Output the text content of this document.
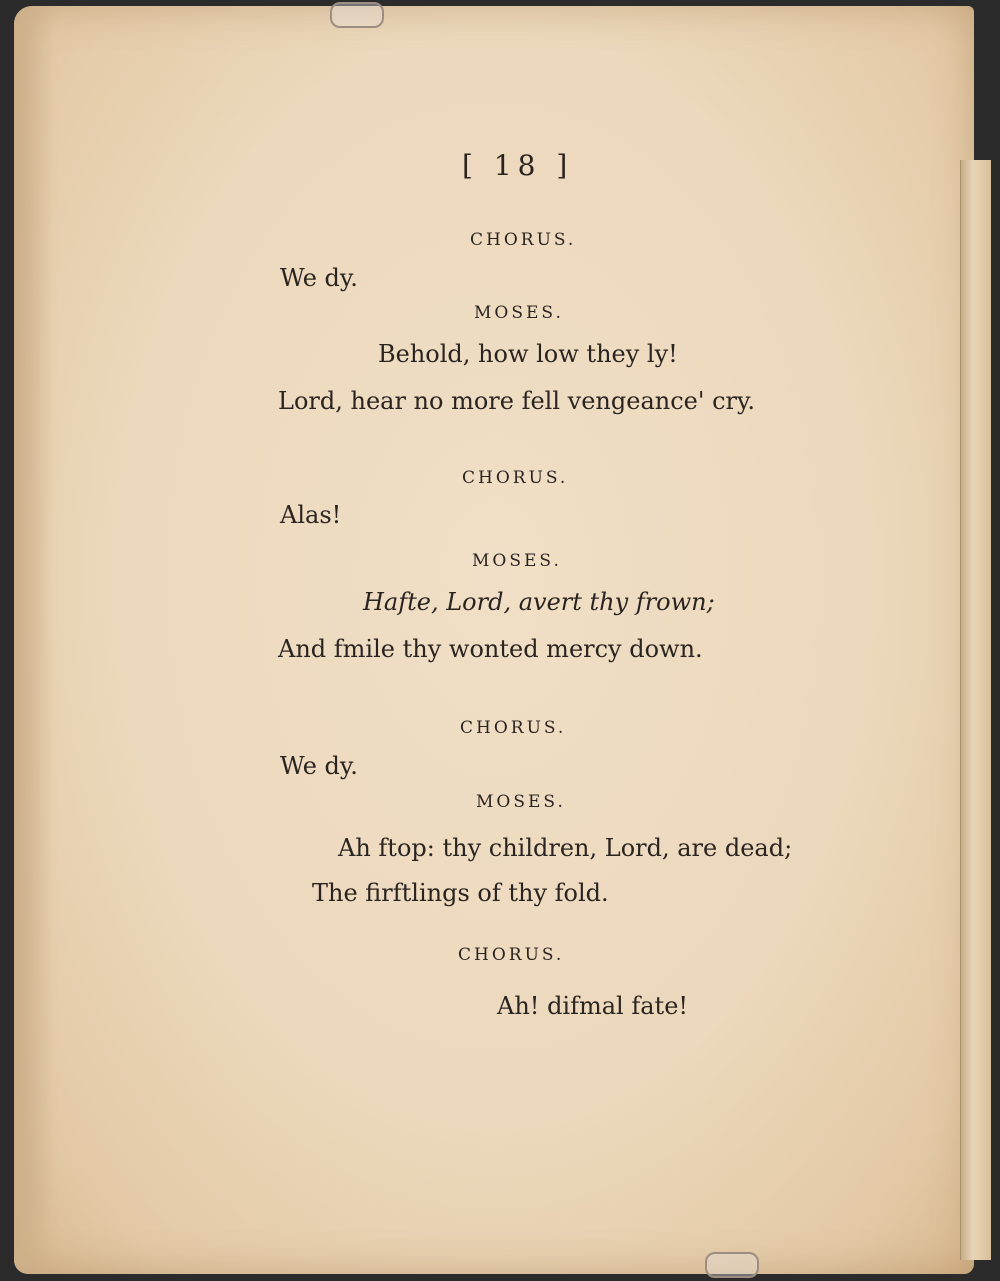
[ 18 ]
CHORUS.
We dy.
MOSES.
Behold, how low they ly!
Lord, hear no more fell vengeance' cry.
CHORUS.
Alas!
MOSES.
Hafte, Lord, avert thy frown;
And fmile thy wonted mercy down.
CHORUS.
We dy.
MOSES.
Ah ftop: thy children, Lord, are dead;
The firftlings of thy fold.
CHORUS.
Ah! difmal fate!
